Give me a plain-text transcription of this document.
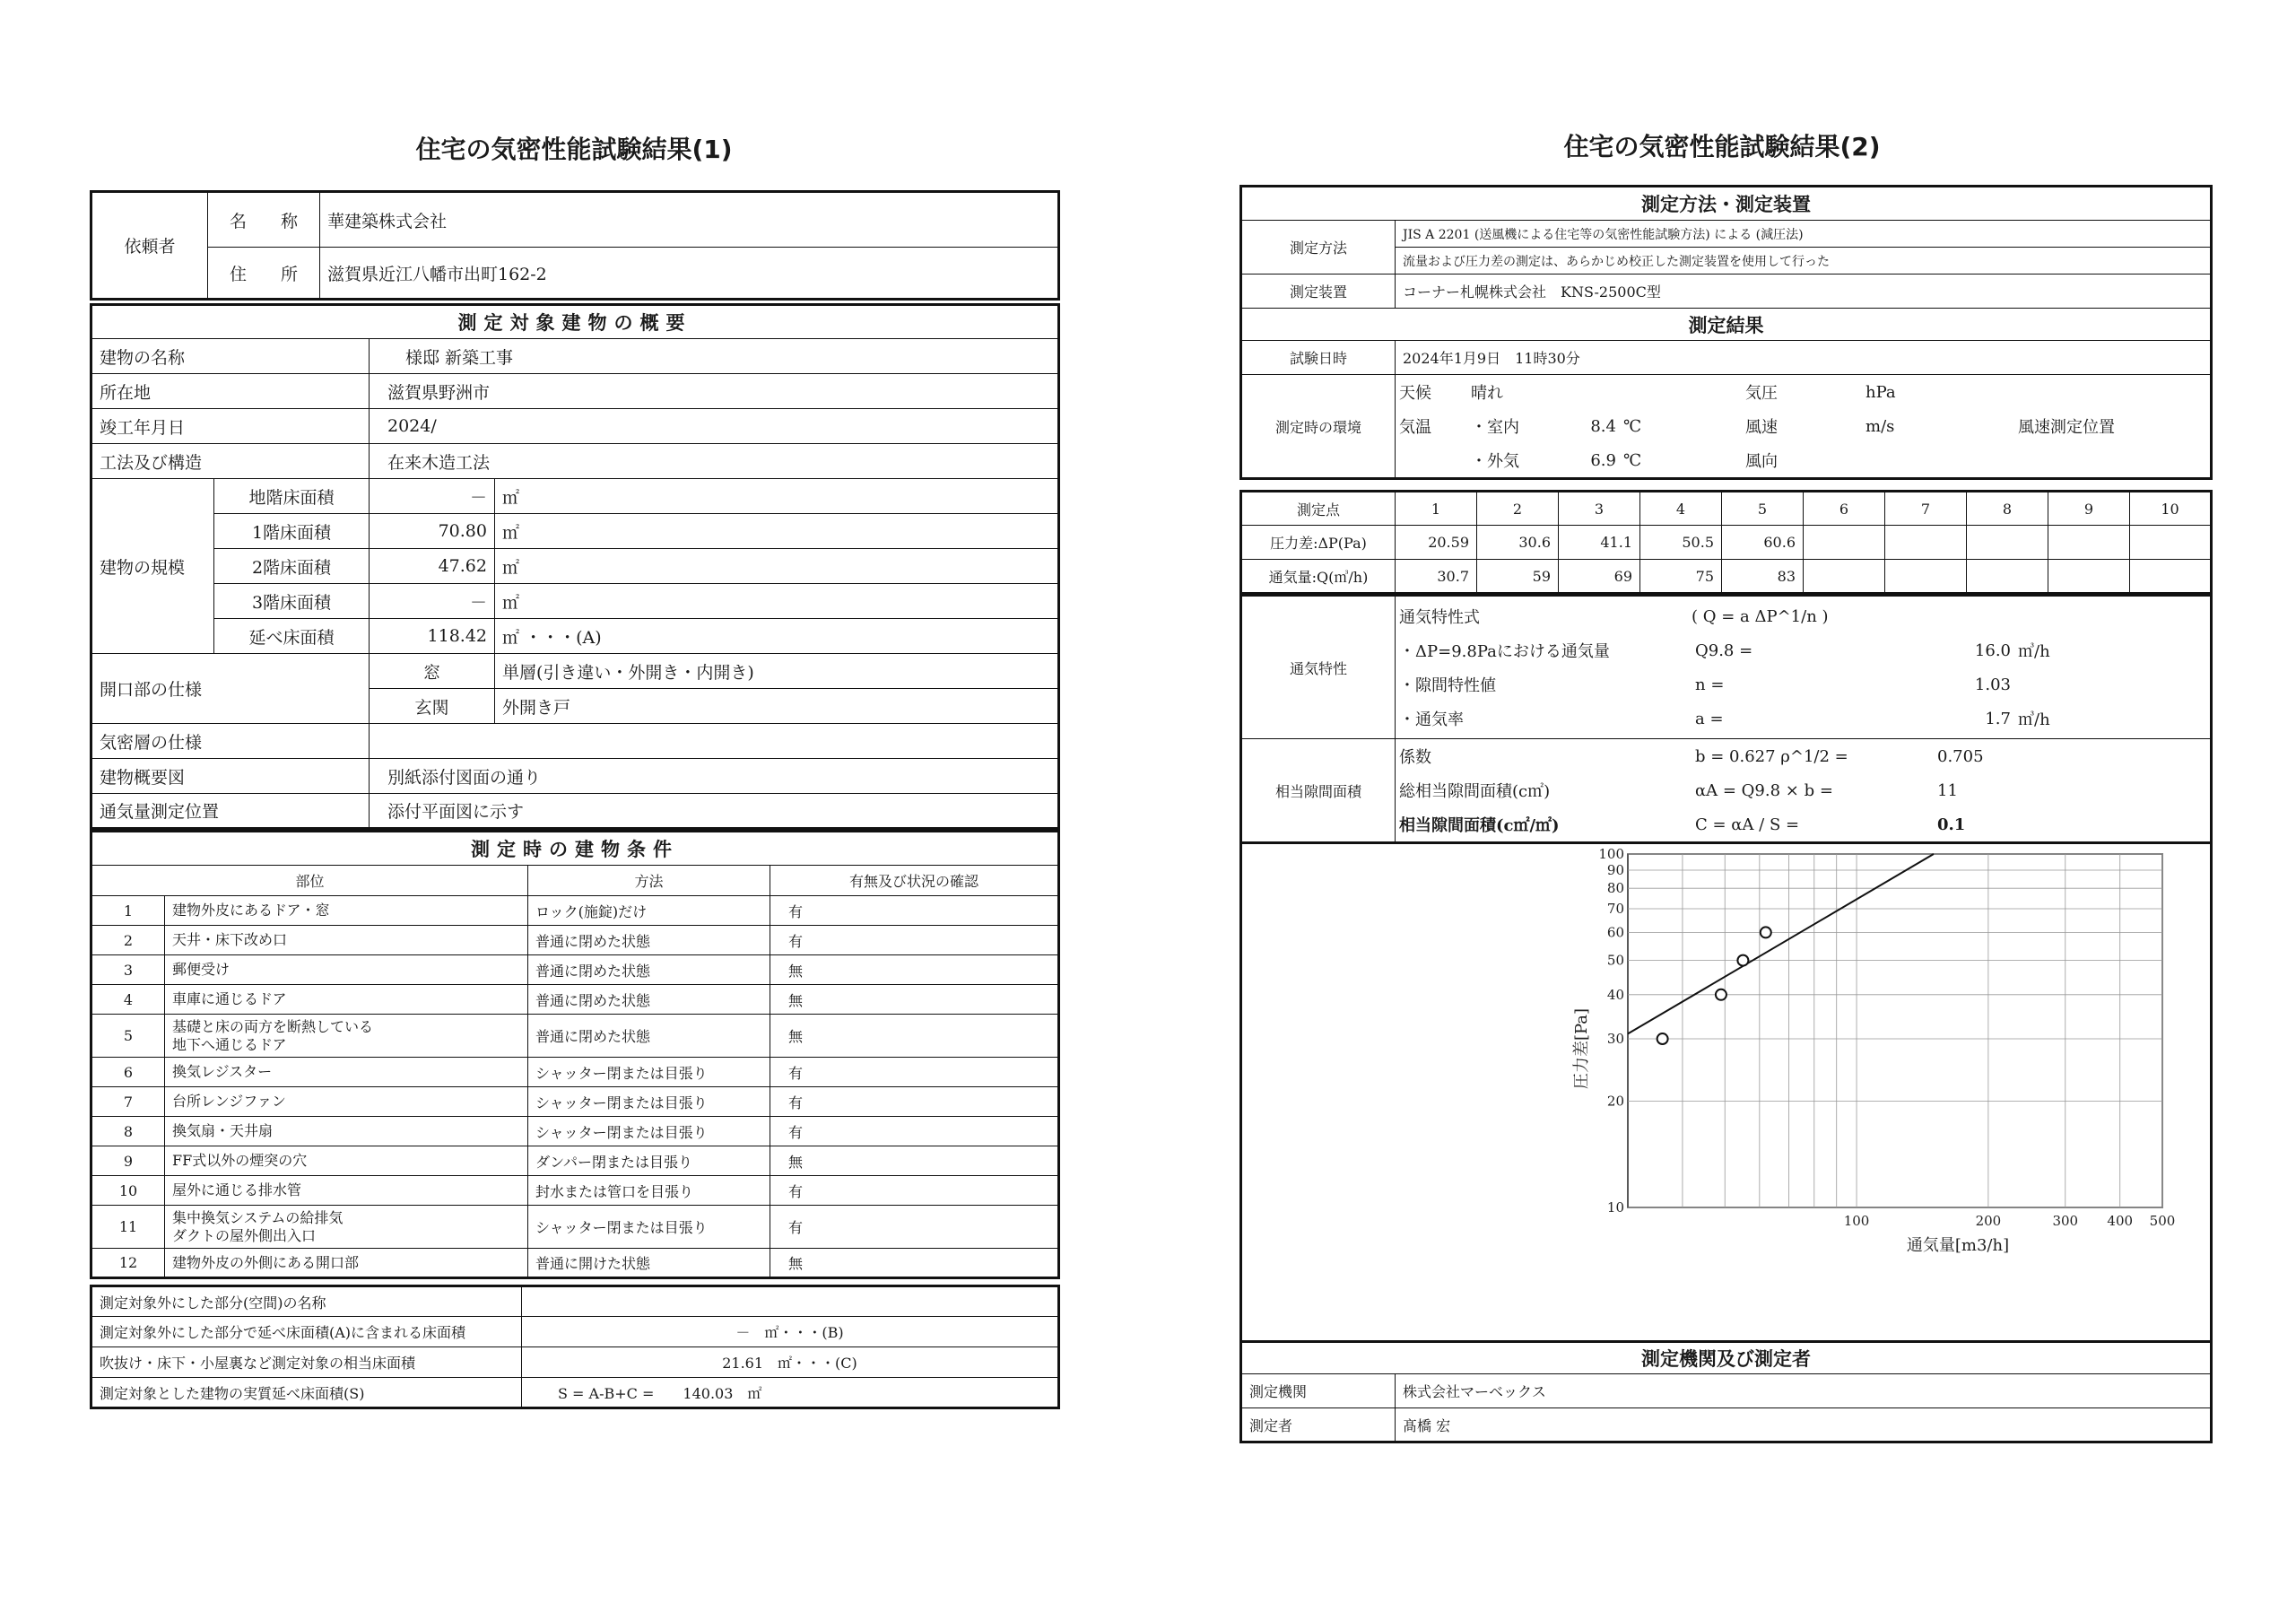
住宅の気密性能試験結果(1)
依頼者	名　　称	華建築株式会社
	住　　所	滋賀県近江八幡市出町162-2
測定対象建物の概要			
建物の名称		様邸 新築工事	
所在地		滋賀県野洲市	
竣工年月日		2024/	
工法及び構造		在来木造工法	
建物の規模	地階床面積	－	㎡
	1階床面積	70.80	㎡
	2階床面積	47.62	㎡
	3階床面積	－	㎡
	延べ床面積	118.42	㎡ ・・・(A)
開口部の仕様		窓	単層(引き違い・外開き・内開き)
		玄関	外開き戸
気密層の仕様			
建物概要図		別紙添付図面の通り	
通気量測定位置		添付平面図に示す	
測定時の建物条件			
部位		方法	有無及び状況の確認
1	建物外皮にあるドア・窓	ロック(施錠)だけ	有
2	天井・床下改め口	普通に閉めた状態	有
3	郵便受け	普通に閉めた状態	無
4	車庫に通じるドア	普通に閉めた状態	無
5	基礎と床の両方を断熱している
地下へ通じるドア	普通に閉めた状態	無
6	換気レジスター	シャッター閉または目張り	有
7	台所レンジファン	シャッター閉または目張り	有
8	換気扇・天井扇	シャッター閉または目張り	有
9	FF式以外の煙突の穴	ダンパー閉または目張り	無
10	屋外に通じる排水管	封水または管口を目張り	有
11	集中換気システムの給排気
ダクトの屋外側出入口	シャッター閉または目張り	有
12	建物外皮の外側にある開口部	普通に開けた状態	無
測定対象外にした部分(空間)の名称	
測定対象外にした部分で延べ床面積(A)に含まれる床面積	－　㎡・・・(B)
吹抜け・床下・小屋裏など測定対象の相当床面積	21.61　㎡・・・(C)
測定対象とした建物の実質延べ床面積(S)	S = A-B+C =　　140.03　㎡
住宅の気密性能試験結果(2)
測定方法・測定装置
測定方法	JIS A 2201 (送風機による住宅等の気密性能試験方法) による (減圧法)
流量および圧力差の測定は、あらかじめ校正した測定装置を使用して行った
測定装置	コーナー札幌株式会社　KNS-2500C型
測定結果
試験日時	2024年1月9日　11時30分
測定時の環境	
天候	晴れ	気圧	hPa	
気温	・室内	8.4	℃	風速	m/s	風速測定位置
	・外気	6.9	℃	風向		
測定点	1	2	3	4	5	6	7	8	9	10
圧力差:ΔP(Pa)	20.59	30.6	41.1	50.5	60.6					
通気量:Q(㎥/h)	30.7	59	69	75	83					
通気特性	
通気特性式	( Q = a ΔP^1/n )
・ΔP=9.8Paにおける通気量	Q9.8 =	16.0	㎥/h
・隙間特性値	n =	1.03	
・通気率	a =	1.7	㎥/h

相当隙間面積	
係数	b = 0.627 ρ^1/2 =	0.705
総相当隙間面積(c㎡)	αA = Q9.8 × b =	11
相当隙間面積(c㎡/㎡)	C = αA / S =	0.1
10
20
30
40
50
60
70
80
90
100
100	200	300 400 500
通気量[m3/h]
圧力差[Pa]
測定機関及び測定者	
測定機関	株式会社マーベックス
測定者	髙橋 宏
